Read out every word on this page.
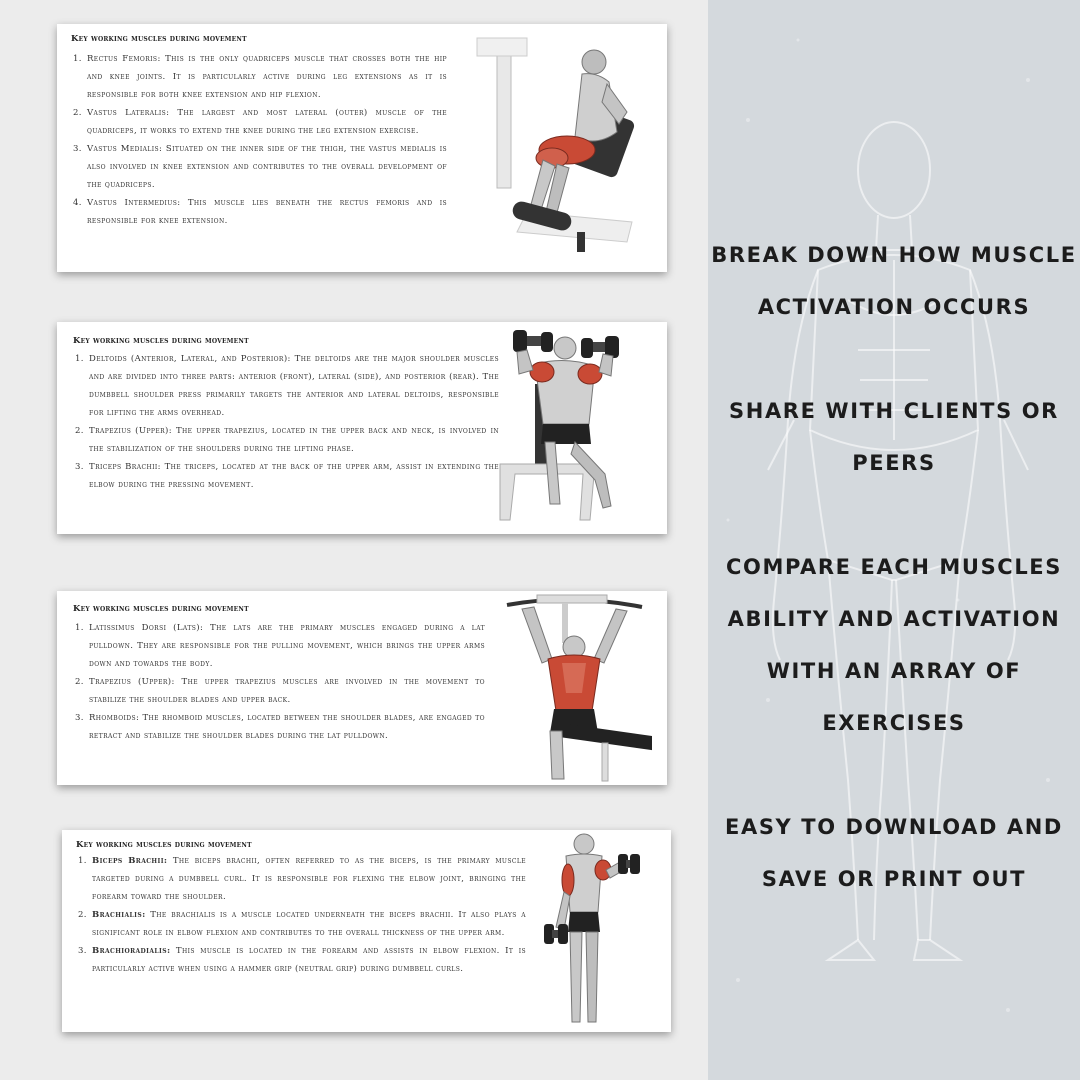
Key working muscles during movement
1. Rectus Femoris: This is the only quadriceps muscle that crosses both the hip and knee joints. It is particularly active during leg extensions as it is responsible for both knee extension and hip flexion.
2. Vastus Lateralis: The largest and most lateral (outer) muscle of the quadriceps, it works to extend the knee during the leg extension exercise.
3. Vastus Medialis: Situated on the inner side of the thigh, the vastus medialis is also involved in knee extension and contributes to the overall development of the quadriceps.
4. Vastus Intermedius: This muscle lies beneath the rectus femoris and is responsible for knee extension.
Key working muscles during movement
1. Deltoids (Anterior, Lateral, and Posterior): The deltoids are the major shoulder muscles and are divided into three parts: anterior (front), lateral (side), and posterior (rear). The dumbbell shoulder press primarily targets the anterior and lateral deltoids, responsible for lifting the arms overhead.
2. Trapezius (Upper): The upper trapezius, located in the upper back and neck, is involved in the stabilization of the shoulders during the lifting phase.
3. Triceps Brachii: The triceps, located at the back of the upper arm, assist in extending the elbow during the pressing movement.
Key working muscles during movement
1. Latissimus Dorsi (Lats): The lats are the primary muscles engaged during a lat pulldown. They are responsible for the pulling movement, which brings the upper arms down and towards the body.
2. Trapezius (Upper): The upper trapezius muscles are involved in the movement to stabilize the shoulder blades and upper back.
3. Rhomboids: The rhomboid muscles, located between the shoulder blades, are engaged to retract and stabilize the shoulder blades during the lat pulldown.
Key working muscles during movement
1. Biceps Brachii: The biceps brachii, often referred to as the biceps, is the primary muscle targeted during a dumbbell curl. It is responsible for flexing the elbow joint, bringing the forearm toward the shoulder.
2. Brachialis: The brachialis is a muscle located underneath the biceps brachii. It also plays a significant role in elbow flexion and contributes to the overall thickness of the upper arm.
3. Brachioradialis: This muscle is located in the forearm and assists in elbow flexion. It is particularly active when using a hammer grip (neutral grip) during dumbbell curls.
BREAK DOWN HOW MUSCLE
ACTIVATION OCCURS
SHARE WITH CLIENTS OR
PEERS
COMPARE EACH MUSCLES
ABILITY AND ACTIVATION
WITH AN ARRAY OF
EXERCISES
EASY TO DOWNLOAD AND
SAVE OR PRINT OUT
